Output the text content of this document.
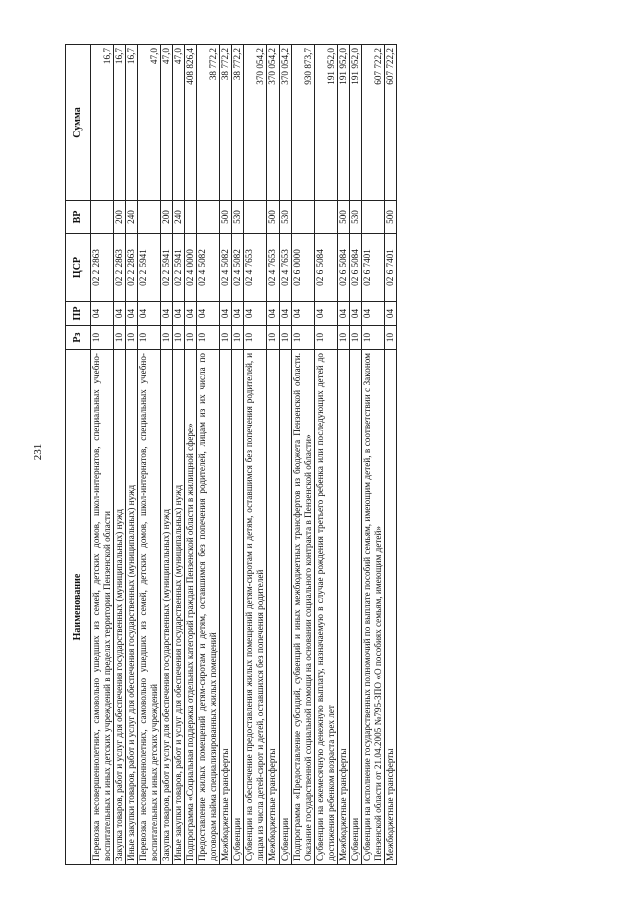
231
Наименование	Рз	ПР	ЦСР	ВР	Сумма
Перевозка несовершеннолетних, самовольно ушедших из семей, детских домов, школ-интернатов, специальных учебно-воспитательных и иных детских учреждений в пределах территории Пензенской области	10	04	02 2 2863		16,7
Закупка товаров, работ и услуг для обеспечения государственных (муниципальных) нужд	10	04	02 2 2863	200	16,7
Иные закупки товаров, работ и услуг для обеспечения государственных (муниципальных) нужд	10	04	02 2 2863	240	16,7
Перевозка несовершеннолетних, самовольно ушедших из семей, детских домов, школ-интернатов, специальных учебно-воспитательных и иных детских учреждений	10	04	02 2 5941		47,0
Закупка товаров, работ и услуг для обеспечения государственных (муниципальных) нужд	10	04	02 2 5941	200	47,0
Иные закупки товаров, работ и услуг для обеспечения государственных (муниципальных) нужд	10	04	02 2 5941	240	47,0
Подпрограмма «Социальная поддержка отдельных категорий граждан Пензенской области в жилищной сфере»	10	04	02 4 0000		408 826,4
Предоставление жилых помещений детям-сиротам и детям, оставшимся без попечения родителей, лицам из их числа по договорам найма специализированных жилых помещений	10	04	02 4 5082		38 772,2
Межбюджетные трансферты	10	04	02 4 5082	500	38 772,2
Субвенции	10	04	02 4 5082	530	38 772,2
Субвенции на обеспечение предоставления жилых помещений детям-сиротам и детям, оставшимся без попечения родителей, и лицам из числа детей-сирот и детей, оставшихся без попечения родителей	10	04	02 4 7653		370 054,2
Межбюджетные трансферты	10	04	02 4 7653	500	370 054,2
Субвенции	10	04	02 4 7653	530	370 054,2
Подпрограмма «Предоставление субсидий, субвенций и иных межбюджетных трансфертов из бюджета Пензенской области. Оказание государственной социальной помощи на основании социального контракта в Пензенской области»	10	04	02 6 0000		930 873,7
Субвенции на ежемесячную денежную выплату, назначаемую в случае рождения третьего ребенка или последующих детей до достижения ребенком возраста трех лет	10	04	02 6 5084		191 952,0
Межбюджетные трансферты	10	04	02 6 5084	500	191 952,0
Субвенции	10	04	02 6 5084	530	191 952,0
Субвенции на исполнение государственных полномочий по выплате пособий семьям, имеющим детей, в соответствии с Законом Пензенской области от 21.04.2005 №795-ЗПО «О пособиях семьям, имеющим детей»	10	04	02 6 7401		607 722,2
Межбюджетные трансферты	10	04	02 6 7401	500	607 722,2
